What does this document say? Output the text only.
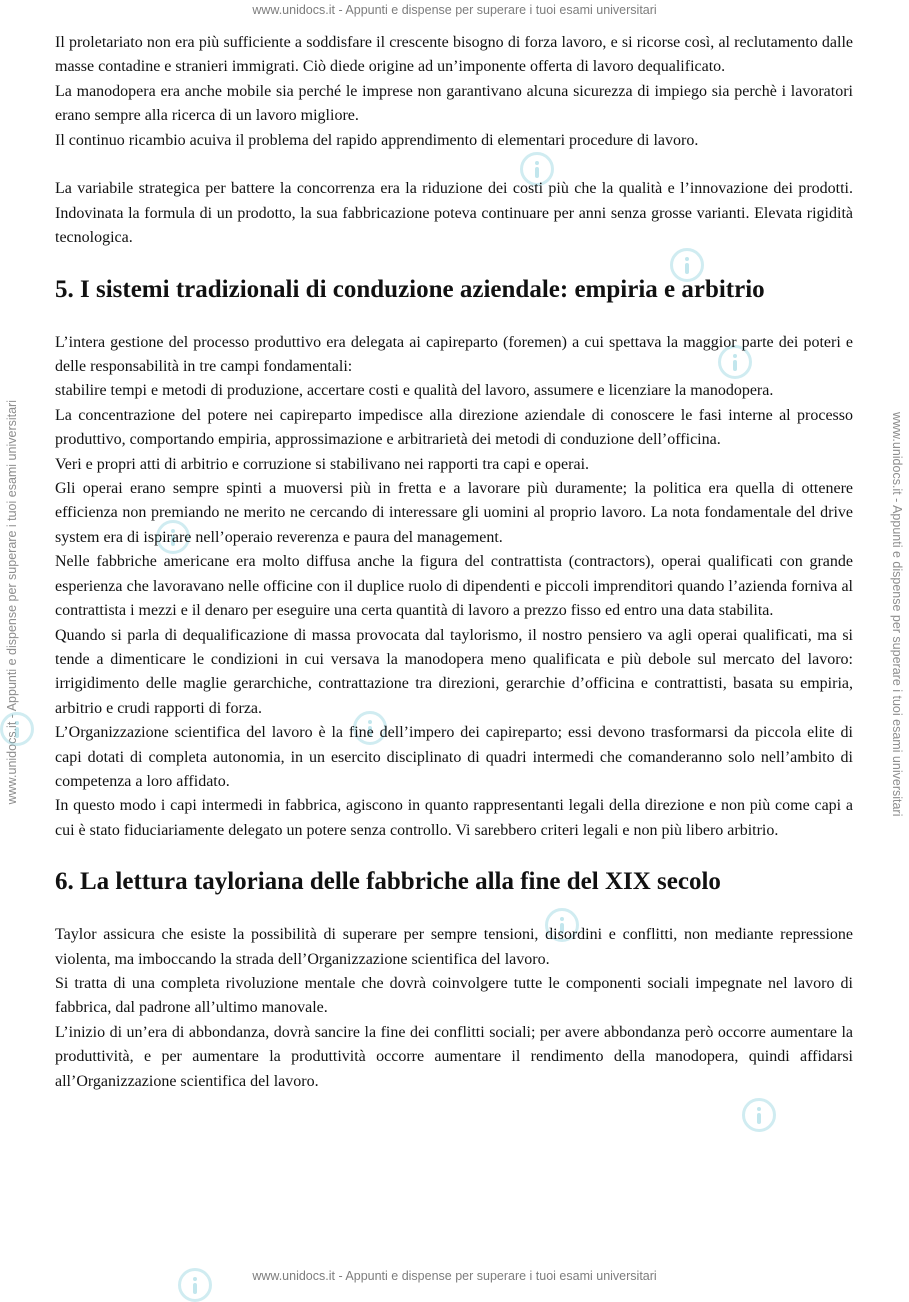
www.unidocs.it - Appunti e dispense per superare i tuoi esami universitari
www.unidocs.it - Appunti e dispense per superare i tuoi esami universitari
www.unidocs.it - Appunti e dispense per superare i tuoi esami universitari	www.unidocs.it - Appunti e dispense per superare i tuoi esami universitari

Il proletariato non era più sufficiente a soddisfare il crescente bisogno di forza lavoro, e si ricorse così, al reclutamento dalle masse contadine e stranieri immigrati. Ciò diede origine ad un’imponente offerta di lavoro dequalificato.

La manodopera era anche mobile sia perché le imprese non garantivano alcuna sicurezza di impiego sia perchè i lavoratori erano sempre alla ricerca di un lavoro migliore.

Il continuo ricambio acuiva il problema del rapido apprendimento di elementari procedure di lavoro.

La variabile strategica per battere la concorrenza era la riduzione dei costi più che la qualità e l’innovazione dei prodotti. Indovinata la formula di un prodotto, la sua fabbricazione poteva continuare per anni senza grosse varianti. Elevata rigidità tecnologica.

5. I sistemi tradizionali di conduzione aziendale: empiria e arbitrio

L’intera gestione del processo produttivo era delegata ai capireparto (foremen) a cui spettava la maggior parte dei poteri e delle responsabilità in tre campi fondamentali:

stabilire tempi e metodi di produzione, accertare costi e qualità del lavoro, assumere e licenziare la manodopera.

La concentrazione del potere nei capireparto impedisce alla direzione aziendale di conoscere le fasi interne al processo produttivo, comportando empiria, approssimazione e arbitrarietà dei metodi di conduzione dell’officina.

Veri e propri atti di arbitrio e corruzione si stabilivano nei rapporti tra capi e operai.

Gli operai erano sempre spinti a muoversi più in fretta e a lavorare più duramente; la politica era quella di ottenere efficienza non premiando ne merito ne cercando di interessare gli uomini al proprio lavoro. La nota fondamentale del drive system era di ispirare nell’operaio reverenza e paura del management.

Nelle fabbriche americane era molto diffusa anche la figura del contrattista (contractors), operai qualificati con grande esperienza che lavoravano nelle officine con il duplice ruolo di dipendenti e piccoli imprenditori quando l’azienda forniva al contrattista i mezzi e il denaro per eseguire una certa quantità di lavoro a prezzo fisso ed entro una data stabilita.

Quando si parla di dequalificazione di massa provocata dal taylorismo, il nostro pensiero va agli operai qualificati, ma si tende a dimenticare le condizioni in cui versava la manodopera meno qualificata e più debole sul mercato del lavoro: irrigidimento delle maglie gerarchiche, contrattazione tra direzioni, gerarchie d’officina e contrattisti, basata su empiria, arbitrio e crudi rapporti di forza.

L’Organizzazione scientifica del lavoro è la fine dell’impero dei capireparto; essi devono trasformarsi da piccola elite di capi dotati di completa autonomia, in un esercito disciplinato di quadri intermedi che comanderanno solo nell’ambito di competenza a loro affidato.

In questo modo i capi intermedi in fabbrica, agiscono in quanto rappresentanti legali della direzione e non più come capi a cui è stato fiduciariamente delegato un potere senza controllo. Vi sarebbero criteri legali e non più libero arbitrio.

6. La lettura tayloriana delle fabbriche alla fine del XIX secolo

Taylor assicura che esiste la possibilità di superare per sempre tensioni, disordini e conflitti, non mediante repressione violenta, ma imboccando la strada dell’Organizzazione scientifica del lavoro.

Si tratta di una completa rivoluzione mentale che dovrà coinvolgere tutte le componenti sociali impegnate nel lavoro di fabbrica, dal padrone all’ultimo manovale.

L’inizio di un’era di abbondanza, dovrà sancire la fine dei conflitti sociali; per avere abbondanza però occorre aumentare la produttività, e per aumentare la produttività occorre aumentare il rendimento della manodopera, quindi affidarsi all’Organizzazione scientifica del lavoro.
